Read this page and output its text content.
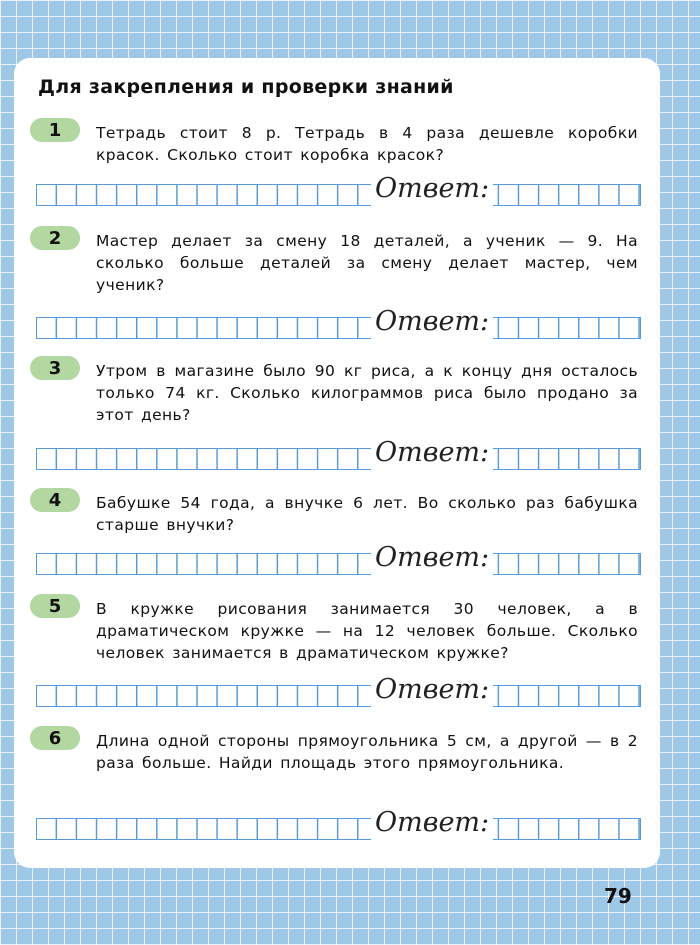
Для закрепления и проверки знаний
1	Тетрадь стоит 8 р. Тетрадь в 4 раза дешевле коробки красок. Сколько стоит коробка красок?

Ответ:
2	Мастер делает за смену 18 деталей, а ученик — 9. На сколько больше деталей за смену делает мастер, чем ученик?

Ответ:
3	Утром в магазине было 90 кг риса, а к концу дня осталось только 74 кг. Сколько килограммов риса было продано за этот день?

Ответ:
4	Бабушке 54 года, а внучке 6 лет. Во сколько раз бабушка старше внучки?

Ответ:
5	В кружке рисования занимается 30 человек, а в драматическом кружке — на 12 человек больше. Сколько человек занимается в драматическом кружке?

Ответ:
6	Длина одной стороны прямоугольника 5 см, а другой — в 2 раза больше. Найди площадь этого прямоугольника.

Ответ:
79
